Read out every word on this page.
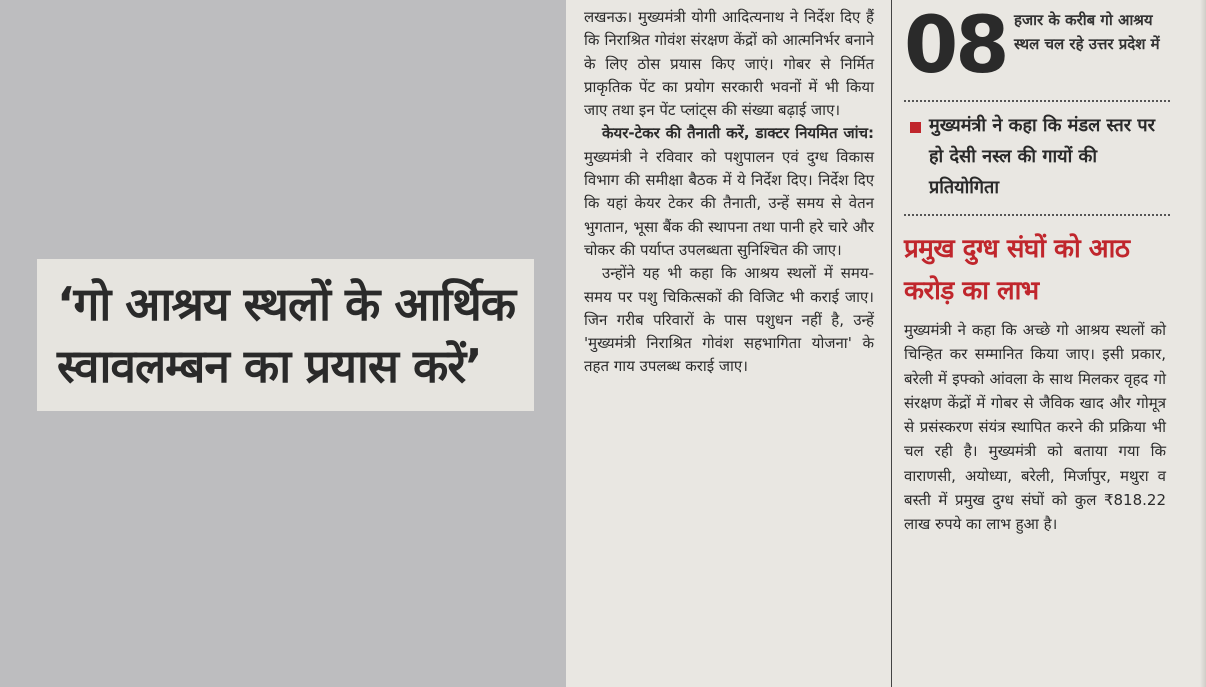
‘गो आश्रय स्थलों के आर्थिक
स्वावलम्बन का प्रयास करें’

लखनऊ। मुख्यमंत्री योगी आदित्यनाथ ने निर्देश दिए हैं कि निराश्रित गोवंश संरक्षण केंद्रों को आत्मनिर्भर बनाने के लिए ठोस प्रयास किए जाएं। गोबर से निर्मित प्राकृतिक पेंट का प्रयोग सरकारी भवनों में भी किया जाए तथा इन पेंट प्लांट्स की संख्या बढ़ाई जाए।

केयर-टेकर की तैनाती करें, डाक्टर नियमित जांच: मुख्यमंत्री ने रविवार को पशुपालन एवं दुग्ध विकास विभाग की समीक्षा बैठक में ये निर्देश दिए। निर्देश दिए कि यहां केयर टेकर की तैनाती, उन्हें समय से वेतन भुगतान, भूसा बैंक की स्थापना तथा पानी हरे चारे और चोकर की पर्याप्त उपलब्धता सुनिश्चित की जाए।

उन्होंने यह भी कहा कि आश्रय स्थलों में समय-समय पर पशु चिकित्सकों की विजिट भी कराई जाए। जिन गरीब परिवारों के पास पशुधन नहीं है, उन्हें 'मुख्यमंत्री निराश्रित गोवंश सहभागिता योजना' के तहत गाय उपलब्ध कराई जाए।

08 हजार के करीब गो आश्रय स्थल चल रहे उत्तर प्रदेश में
मुख्यमंत्री ने कहा कि मंडल स्तर पर हो देसी नस्ल की गायों की प्रतियोगिता
प्रमुख दुग्ध संघों को आठ करोड़ का लाभ
मुख्यमंत्री ने कहा कि अच्छे गो आश्रय स्थलों को चिन्हित कर सम्मानित किया जाए। इसी प्रकार, बरेली में इफ्को आंवला के साथ मिलकर वृहद गो संरक्षण केंद्रों में गोबर से जैविक खाद और गोमूत्र से प्रसंस्करण संयंत्र स्थापित करने की प्रक्रिया भी चल रही है। मुख्यमंत्री को बताया गया कि वाराणसी, अयोध्या, बरेली, मिर्जापुर, मथुरा व बस्ती में प्रमुख दुग्ध संघों को कुल ₹818.22 लाख रुपये का लाभ हुआ है।
